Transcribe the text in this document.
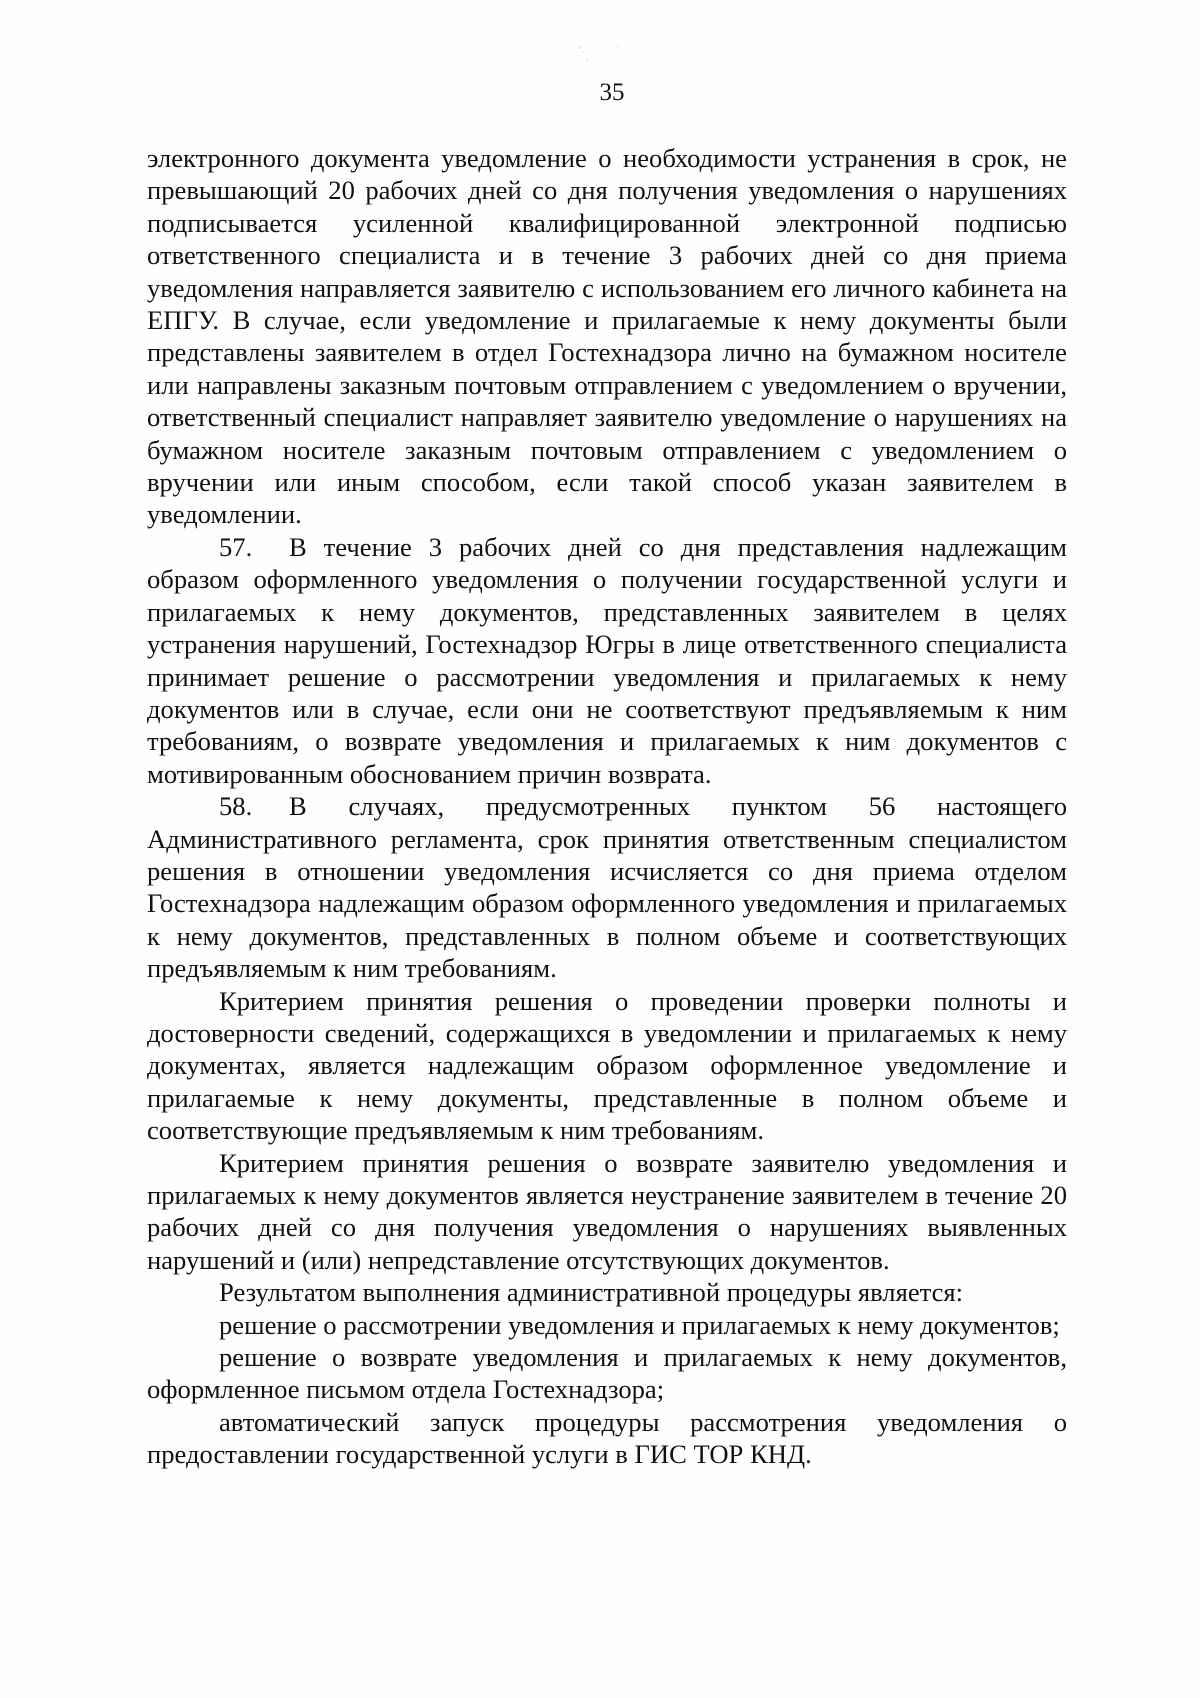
35

электронного документа уведомление о необходимости устранения в срок, не превышающий 20 рабочих дней со дня получения уведомления о нарушениях подписывается усиленной квалифицированной электронной подписью ответственного специалиста и в течение 3 рабочих дней со дня приема уведомления направляется заявителю с использованием его личного кабинета на ЕПГУ. В случае, если уведомление и прилагаемые к нему документы были представлены заявителем в отдел Гостехнадзора лично на бумажном носителе или направлены заказным почтовым отправлением с уведомлением о вручении, ответственный специалист направляет заявителю уведомление о нарушениях на бумажном носителе заказным почтовым отправлением с уведомлением о вручении или иным способом, если такой способ указан заявителем в уведомлении.

57. В течение 3 рабочих дней со дня представления надлежащим образом оформленного уведомления о получении государственной услуги и прилагаемых к нему документов, представленных заявителем в целях устранения нарушений, Гостехнадзор Югры в лице ответственного специалиста принимает решение о рассмотрении уведомления и прилагаемых к нему документов или в случае, если они не соответствуют предъявляемым к ним требованиям, о возврате уведомления и прилагаемых к ним документов с мотивированным обоснованием причин возврата.

58. В случаях, предусмотренных пунктом 56 настоящего Административного регламента, срок принятия ответственным специалистом решения в отношении уведомления исчисляется со дня приема отделом Гостехнадзора надлежащим образом оформленного уведомления и прилагаемых к нему документов, представленных в полном объеме и соответствующих предъявляемым к ним требованиям.

Критерием принятия решения о проведении проверки полноты и достоверности сведений, содержащихся в уведомлении и прилагаемых к нему документах, является надлежащим образом оформленное уведомление и прилагаемые к нему документы, представленные в полном объеме и соответствующие предъявляемым к ним требованиям.

Критерием принятия решения о возврате заявителю уведомления и прилагаемых к нему документов является неустранение заявителем в течение 20 рабочих дней со дня получения уведомления о нарушениях выявленных нарушений и (или) непредставление отсутствующих документов.

Результатом выполнения административной процедуры является:

решение о рассмотрении уведомления и прилагаемых к нему документов;

решение о возврате уведомления и прилагаемых к нему документов, оформленное письмом отдела Гостехнадзора;

автоматический запуск процедуры рассмотрения уведомления о предоставлении государственной услуги в ГИС ТОР КНД.
